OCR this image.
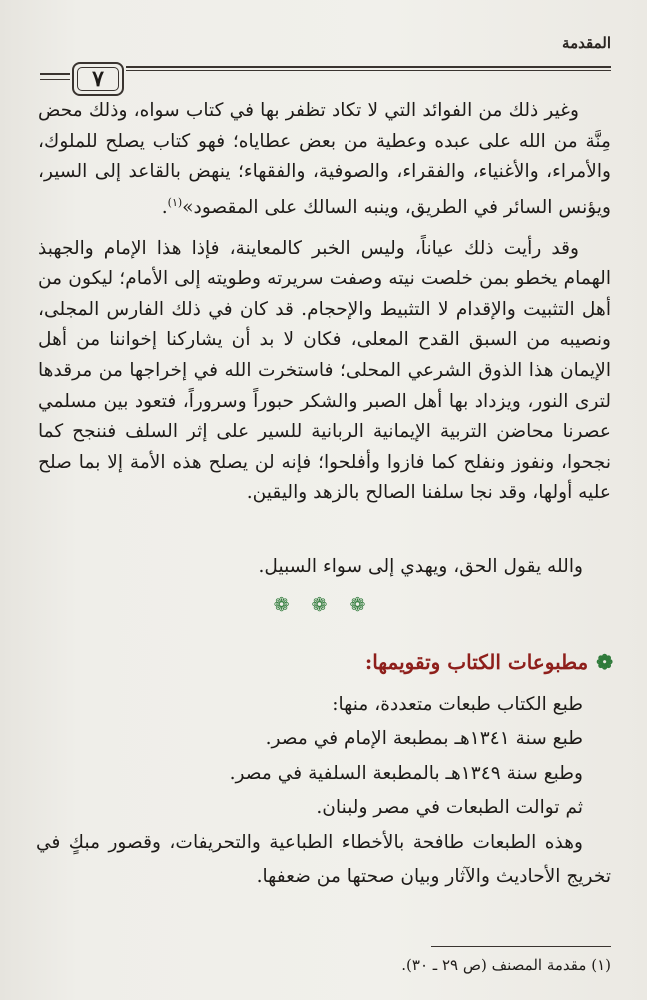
﻿
المقدمة
٧

وغير ذلك من الفوائد التي لا تكاد تظفر بها في كتاب سواه، وذلك محض مِنَّة من الله على عبده وعطية من بعض عطاياه؛ فهو كتاب يصلح للملوك، والأمراء، والأغنياء، والفقراء، والصوفية، والفقهاء؛ ينهض بالقاعد إلى السير، ويؤنس السائر في الطريق، وينبه السالك على المقصود»$^{(١)}$.

وقد رأيت ذلك عياناً، وليس الخبر كالمعاينة، فإذا هذا الإمام والجهبذ الهمام يخطو بمن خلصت نيته وصفت سريرته وطويته إلى الأمام؛ ليكون من أهل التثبيت والإقدام لا التثبيط والإحجام. قد كان في ذلك الفارس المجلى، ونصيبه من السبق القدح المعلى، فكان لا بد أن يشاركنا إخواننا من أهل الإيمان هذا الذوق الشرعي المحلى؛ فاستخرت الله في إخراجها من مرقدها لترى النور، ويزداد بها أهل الصبر والشكر حبوراً وسروراً، فتعود بين مسلمي عصرنا محاضن التربية الإيمانية الربانية للسير على إثر السلف فننجح كما نجحوا، ونفوز ونفلح كما فازوا وأفلحوا؛ فإنه لن يصلح هذه الأمة إلا بما صلح عليه أولها، وقد نجا سلفنا الصالح بالزهد واليقين.

والله يقول الحق، ويهدي إلى سواء السبيل.
❁ ❁ ❁
❁مطبوعات الكتاب وتقويمها:

طبع الكتاب طبعات متعددة، منها:

طبع سنة ١٣٤١هـ بمطبعة الإمام في مصر.

وطبع سنة ١٣٤٩هـ بالمطبعة السلفية في مصر.

ثم توالت الطبعات في مصر ولبنان.

وهذه الطبعات طافحة بالأخطاء الطباعية والتحريفات، وقصور مبكٍ في تخريج الأحاديث والآثار وبيان صحتها من ضعفها.

(١) مقدمة المصنف (ص ٢٩ ـ ٣٠).
